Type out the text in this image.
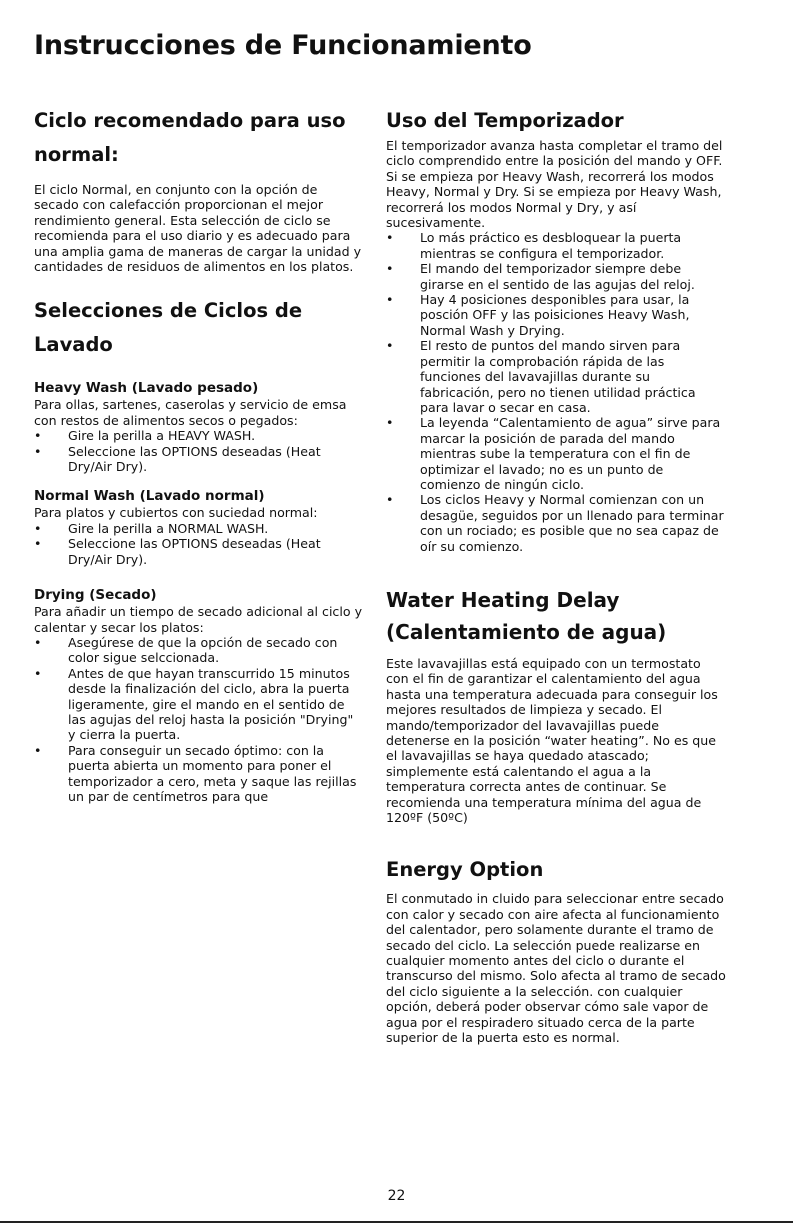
Instrucciones de Funcionamiento
Ciclo recomendado para uso normal:

El ciclo Normal, en conjunto con la opción de secado con calefacción proporcionan el mejor rendimiento general. Esta selección de ciclo se recomienda para el uso diario y es adecuado para una amplia gama de maneras de cargar la unidad y cantidades de residuos de alimentos en los platos.

Selecciones de Ciclos de Lavado
Heavy Wash (Lavado pesado)

Para ollas, sartenes, caserolas y servicio de emsa con restos de alimentos secos o pegados:

• Gire la perilla a HEAVY WASH.
• Seleccione las OPTIONS deseadas (Heat Dry/Air Dry).
Normal Wash (Lavado normal)

Para platos y cubiertos con suciedad normal:

• Gire la perilla a NORMAL WASH.
• Seleccione las OPTIONS deseadas (Heat Dry/Air Dry).
Drying (Secado)

Para añadir un tiempo de secado adicional al ciclo y calentar y secar los platos:

• Asegúrese de que la opción de secado con color sigue selccionada.
• Antes de que hayan transcurrido 15 minutos desde la finalización del ciclo, abra la puerta ligeramente, gire el mando en el sentido de las agujas del reloj hasta la posición "Drying" y cierra la puerta.
• Para conseguir un secado óptimo: con la puerta abierta un momento para poner el temporizador a cero, meta y saque las rejillas un par de centímetros para que
Uso del Temporizador

El temporizador avanza hasta completar el tramo del ciclo comprendido entre la posición del mando y OFF. Si se empieza por Heavy Wash, recorrerá los modos Heavy, Normal y Dry. Si se empieza por Heavy Wash, recorrerá los modos Normal y Dry, y así sucesivamente.

• Lo más práctico es desbloquear la puerta mientras se configura el temporizador.
• El mando del temporizador siempre debe girarse en el sentido de las agujas del reloj.
• Hay 4 posiciones desponibles para usar, la posción OFF y las poisiciones Heavy Wash, Normal Wash y Drying.
• El resto de puntos del mando sirven para permitir la comprobación rápida de las funciones del lavavajillas durante su fabricación, pero no tienen utilidad práctica para lavar o secar en casa.
• La leyenda “Calentamiento de agua” sirve para marcar la posición de parada del mando mientras sube la temperatura con el fin de optimizar el lavado; no es un punto de comienzo de ningún ciclo.
• Los ciclos Heavy y Normal comienzan con un desagüe, seguidos por un llenado para terminar con un rociado; es posible que no sea capaz de oír su comienzo.
Water Heating Delay (Calentamiento de agua)

Este lavavajillas está equipado con un termostato con el fin de garantizar el calentamiento del agua hasta una temperatura adecuada para conseguir los mejores resultados de limpieza y secado. El mando/temporizador del lavavajillas puede detenerse en la posición “water heating”. No es que el lavavajillas se haya quedado atascado; simplemente está calentando el agua a la temperatura correcta antes de continuar. Se recomienda una temperatura mínima del agua de 120ºF (50ºC)

Energy Option

El conmutado in cluido para seleccionar entre secado con calor y secado con aire afecta al funcionamiento del calentador, pero solamente durante el tramo de secado del ciclo. La selección puede realizarse en cualquier momento antes del ciclo o durante el transcurso del mismo. Solo afecta al tramo de secado del ciclo siguiente a la selección. con cualquier opción, deberá poder observar cómo sale vapor de agua por el respiradero situado cerca de la parte superior de la puerta esto es normal.

22
